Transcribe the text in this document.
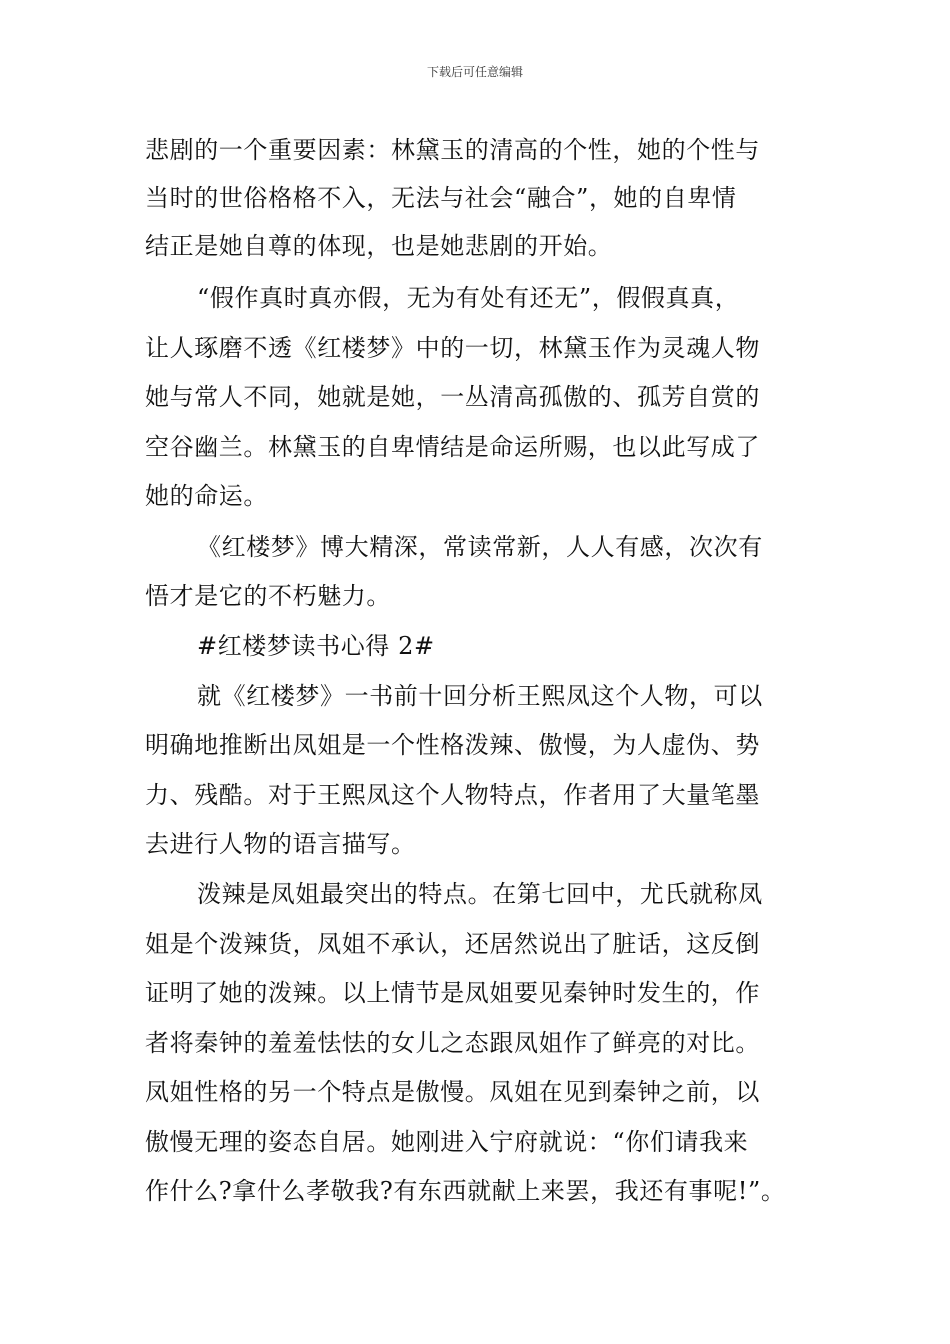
下载后可任意编辑
悲剧的一个重要因素：林黛玉的清高的个性，她的个性与
当时的世俗格格不入，无法与社会“融合”，她的自卑情
结正是她自尊的体现，也是她悲剧的开始。
“假作真时真亦假，无为有处有还无”，假假真真，
让人琢磨不透《红楼梦》中的一切，林黛玉作为灵魂人物
她与常人不同，她就是她，一丛清高孤傲的、孤芳自赏的
空谷幽兰。林黛玉的自卑情结是命运所赐，也以此写成了
她的命运。
《红楼梦》博大精深，常读常新，人人有感，次次有
悟才是它的不朽魅力。
#红楼梦读书心得 2#
就《红楼梦》一书前十回分析王熙凤这个人物，可以
明确地推断出凤姐是一个性格泼辣、傲慢，为人虚伪、势
力、残酷。对于王熙凤这个人物特点，作者用了大量笔墨
去进行人物的语言描写。
泼辣是凤姐最突出的特点。在第七回中，尤氏就称凤
姐是个泼辣货，凤姐不承认，还居然说出了脏话，这反倒
证明了她的泼辣。以上情节是凤姐要见秦钟时发生的，作
者将秦钟的羞羞怯怯的女儿之态跟凤姐作了鲜亮的对比。
凤姐性格的另一个特点是傲慢。凤姐在见到秦钟之前，以
傲慢无理的姿态自居。她刚进入宁府就说：“你们请我来
作什么?拿什么孝敬我?有东西就献上来罢，我还有事呢!”。
